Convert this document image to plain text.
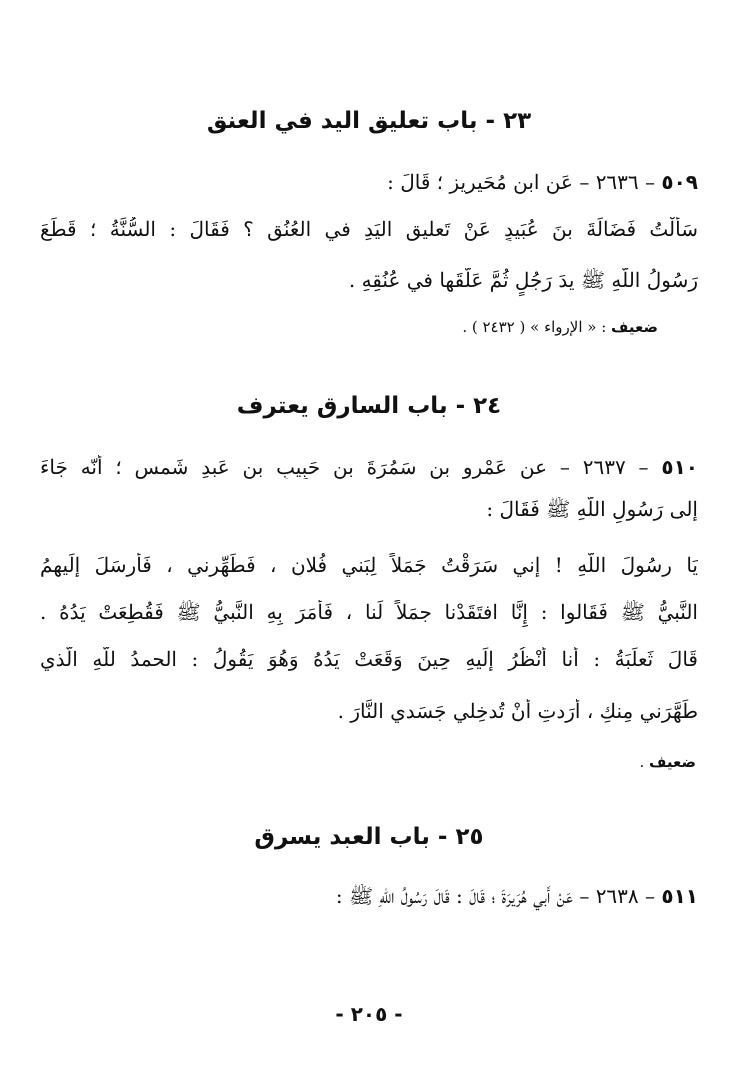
٢٣ - باب تعليق اليد في العنق
٥٠٩ – ٢٦٣٦ – عَنِ ابنِ مُحَيرِيزٍ ؛ قَالَ :
سَأَلْتُ فَضَالَةَ بنَ عُبَيدٍ عَنْ تَعليقِ اليَدِ في العُنُقِ ؟ فَقَالَ : السُّنَّةُ ؛ قَطَعَ
رَسُولُ اللّهِ ﷺ يدَ رَجُلٍ ثُمَّ عَلَّقَها في عُنُقِهِ .
ضعيف : « الإرواء » ( ٢٤٣٢ ) .
٢٤ - باب السارق يعترف
٥١٠ – ٢٦٣٧ – عن عَمْرو بن سَمُرَةَ بن حَبِيبِ بن عَبدِ شَمسٍ ؛ أَنّه جَاءَ
إلى رَسُولِ اللّهِ ﷺ فَقَالَ :
يَا رسُولَ اللّهِ ! إِني سَرَقْتُ جَمَلاً لِبَني فُلانٍ ، فَطَهِّرني ، فَأَرسَلَ إِلَيهِمُ
النَّبيُّ ﷺ فَقَالوا : إِنَّا افتَقَدْنا جمَلاً لَنا ، فَأَمَرَ بِهِ النَّبيُّ ﷺ فَقُطِعَتْ يَدُهُ .
قَالَ ثَعلَبَةُ : أَنا أَنْظُرُ إِلَيهِ حِينَ وَقَعَتْ يَدُهُ وَهُوَ يَقُولُ : الحمدُ للّهِ الَّذي
طَهَّرَني مِنكِ ، أَرَدتِ أَنْ تُدخِلي جَسَدي النَّارَ .
ضعيف .
٢٥ - باب العبد يسرق
٥١١ – ٢٦٣٨ – عَنْ أَبي هُرَيرَةَ ؛ قَالَ : قَالَ رَسُولُ اللّهِ ﷺ :
- ٢٠٥ -
